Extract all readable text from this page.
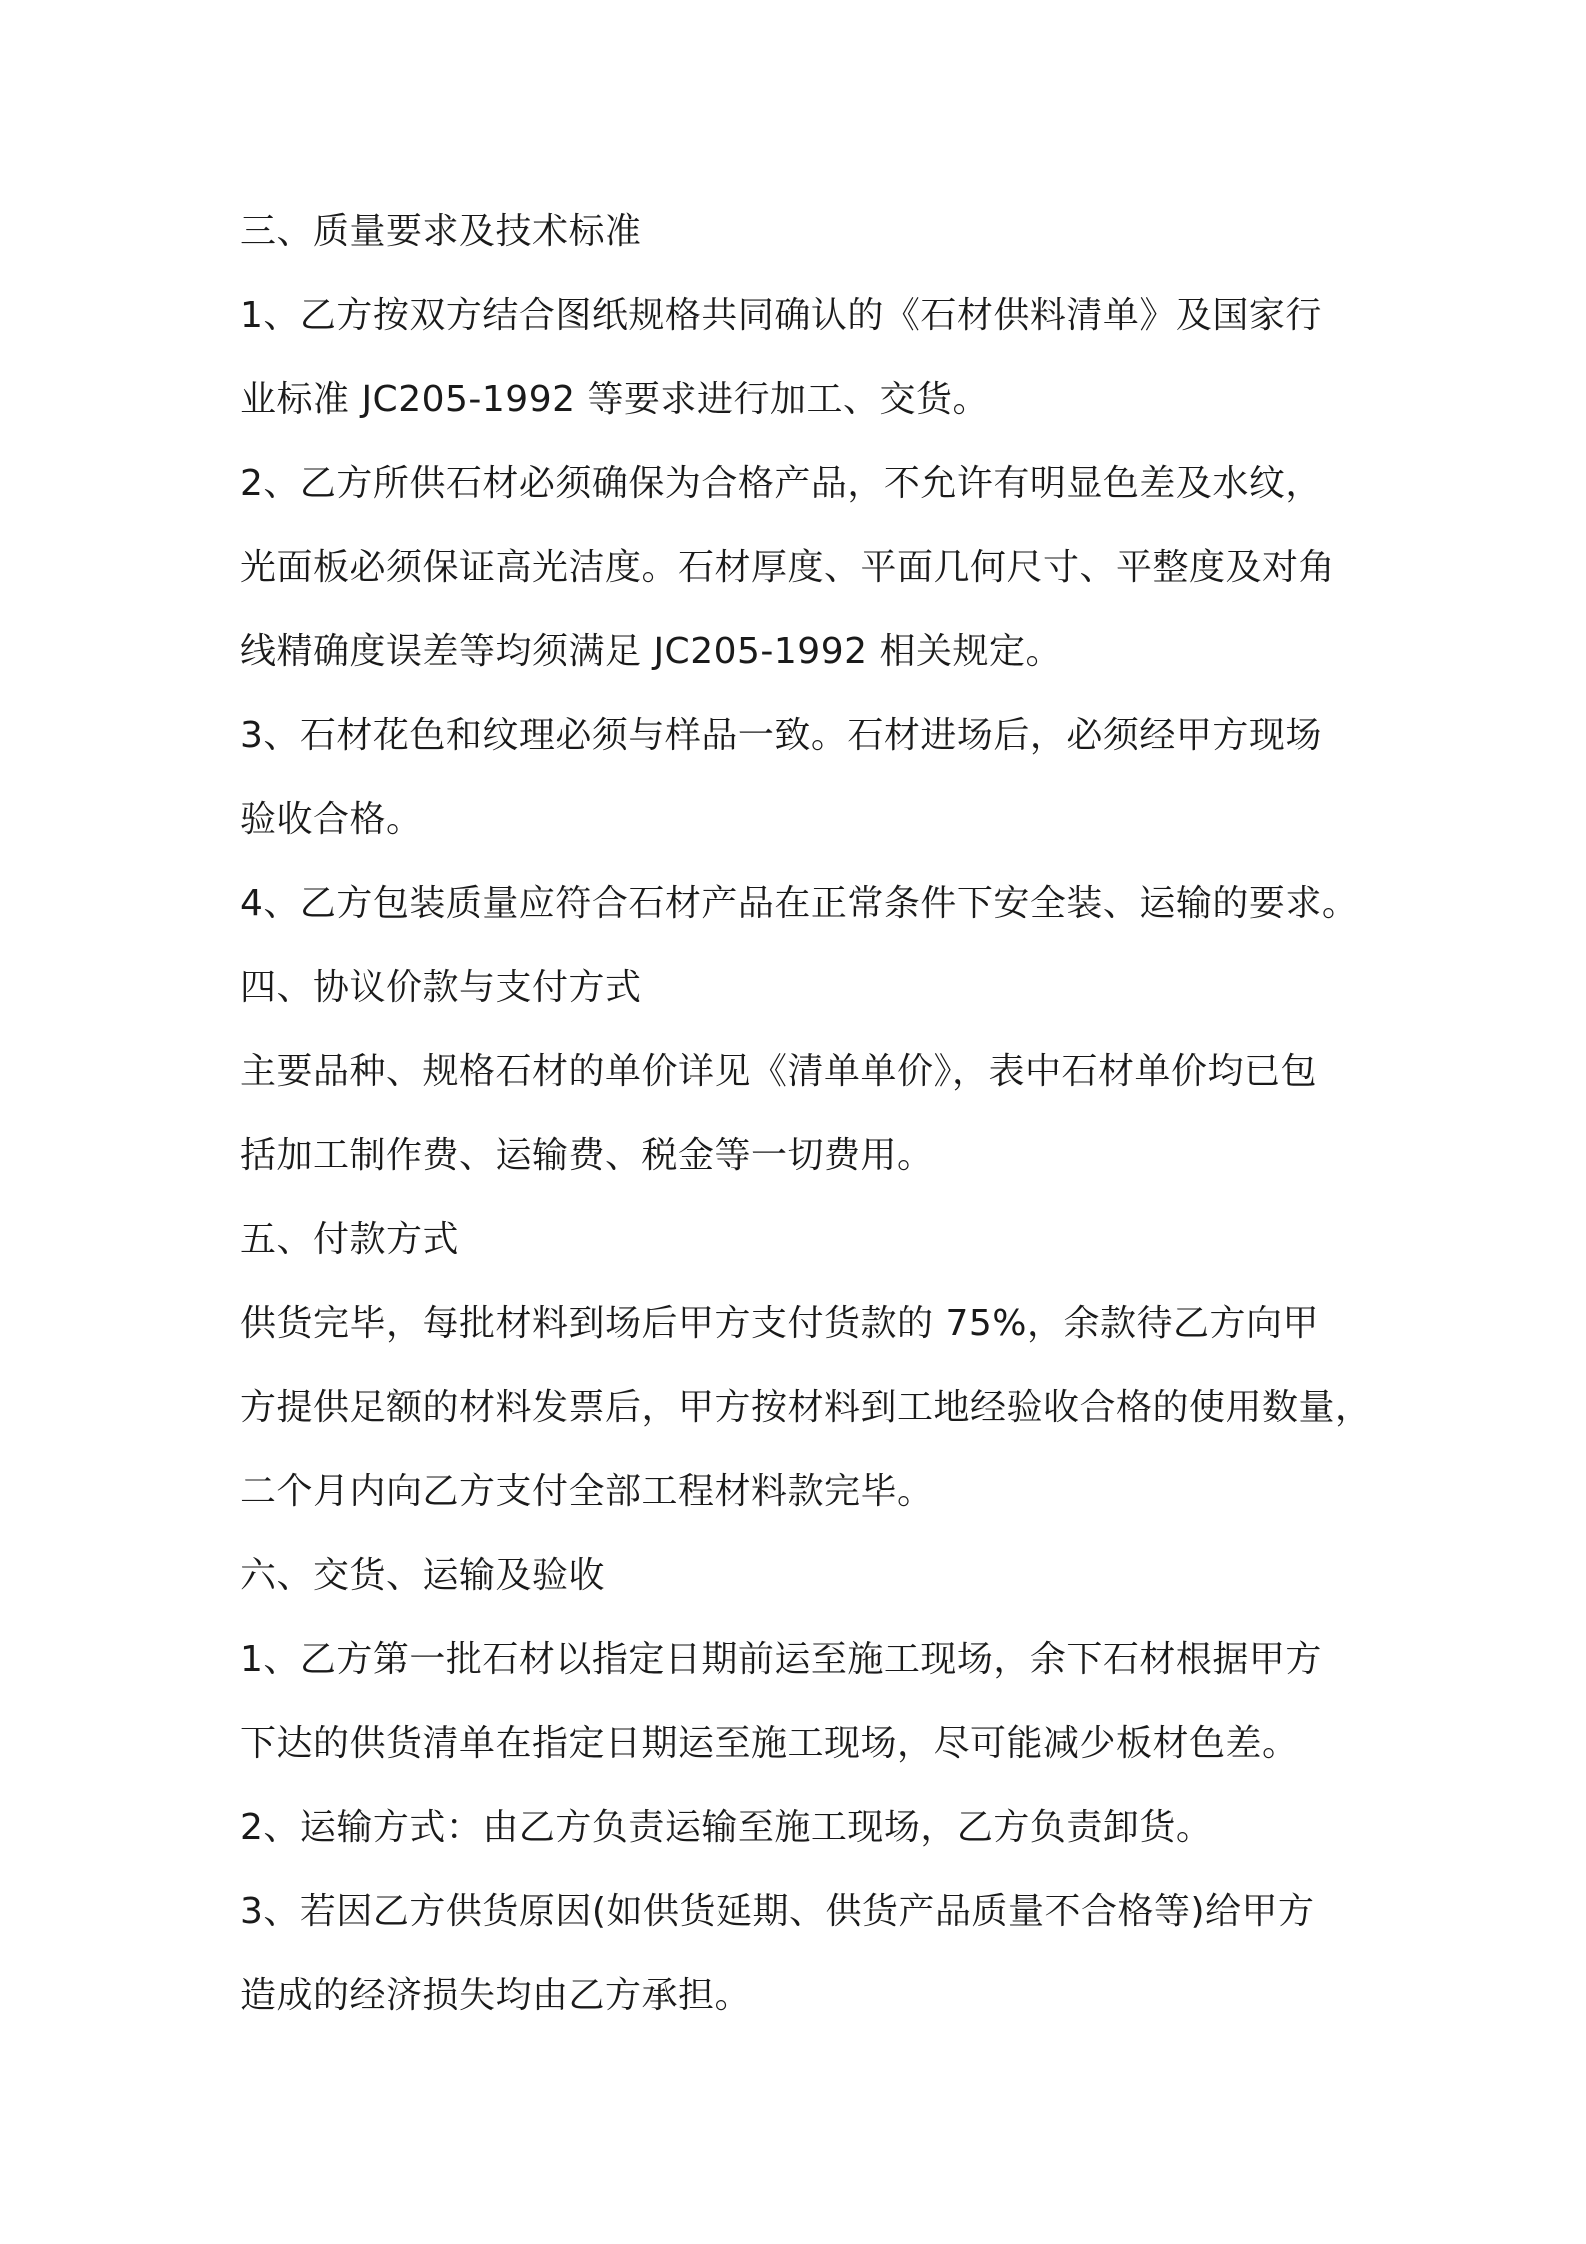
三、质量要求及技术标准
1、乙方按双方结合图纸规格共同确认的《石材供料清单》及国家行
业标准 JC205-1992 等要求进行加工、交货。
2、乙方所供石材必须确保为合格产品，不允许有明显色差及水纹，
光面板必须保证高光洁度。石材厚度、平面几何尺寸、平整度及对角
线精确度误差等均须满足 JC205-1992 相关规定。
3、石材花色和纹理必须与样品一致。石材进场后，必须经甲方现场
验收合格。
4、乙方包装质量应符合石材产品在正常条件下安全装、运输的要求。
四、协议价款与支付方式
主要品种、规格石材的单价详见《清单单价》，表中石材单价均已包
括加工制作费、运输费、税金等一切费用。
五、付款方式
供货完毕，每批材料到场后甲方支付货款的 75%，余款待乙方向甲
方提供足额的材料发票后，甲方按材料到工地经验收合格的使用数量，
二个月内向乙方支付全部工程材料款完毕。
六、交货、运输及验收
1、乙方第一批石材以指定日期前运至施工现场，余下石材根据甲方
下达的供货清单在指定日期运至施工现场，尽可能减少板材色差。
2、运输方式：由乙方负责运输至施工现场，乙方负责卸货。
3、若因乙方供货原因(如供货延期、供货产品质量不合格等)给甲方
造成的经济损失均由乙方承担。
